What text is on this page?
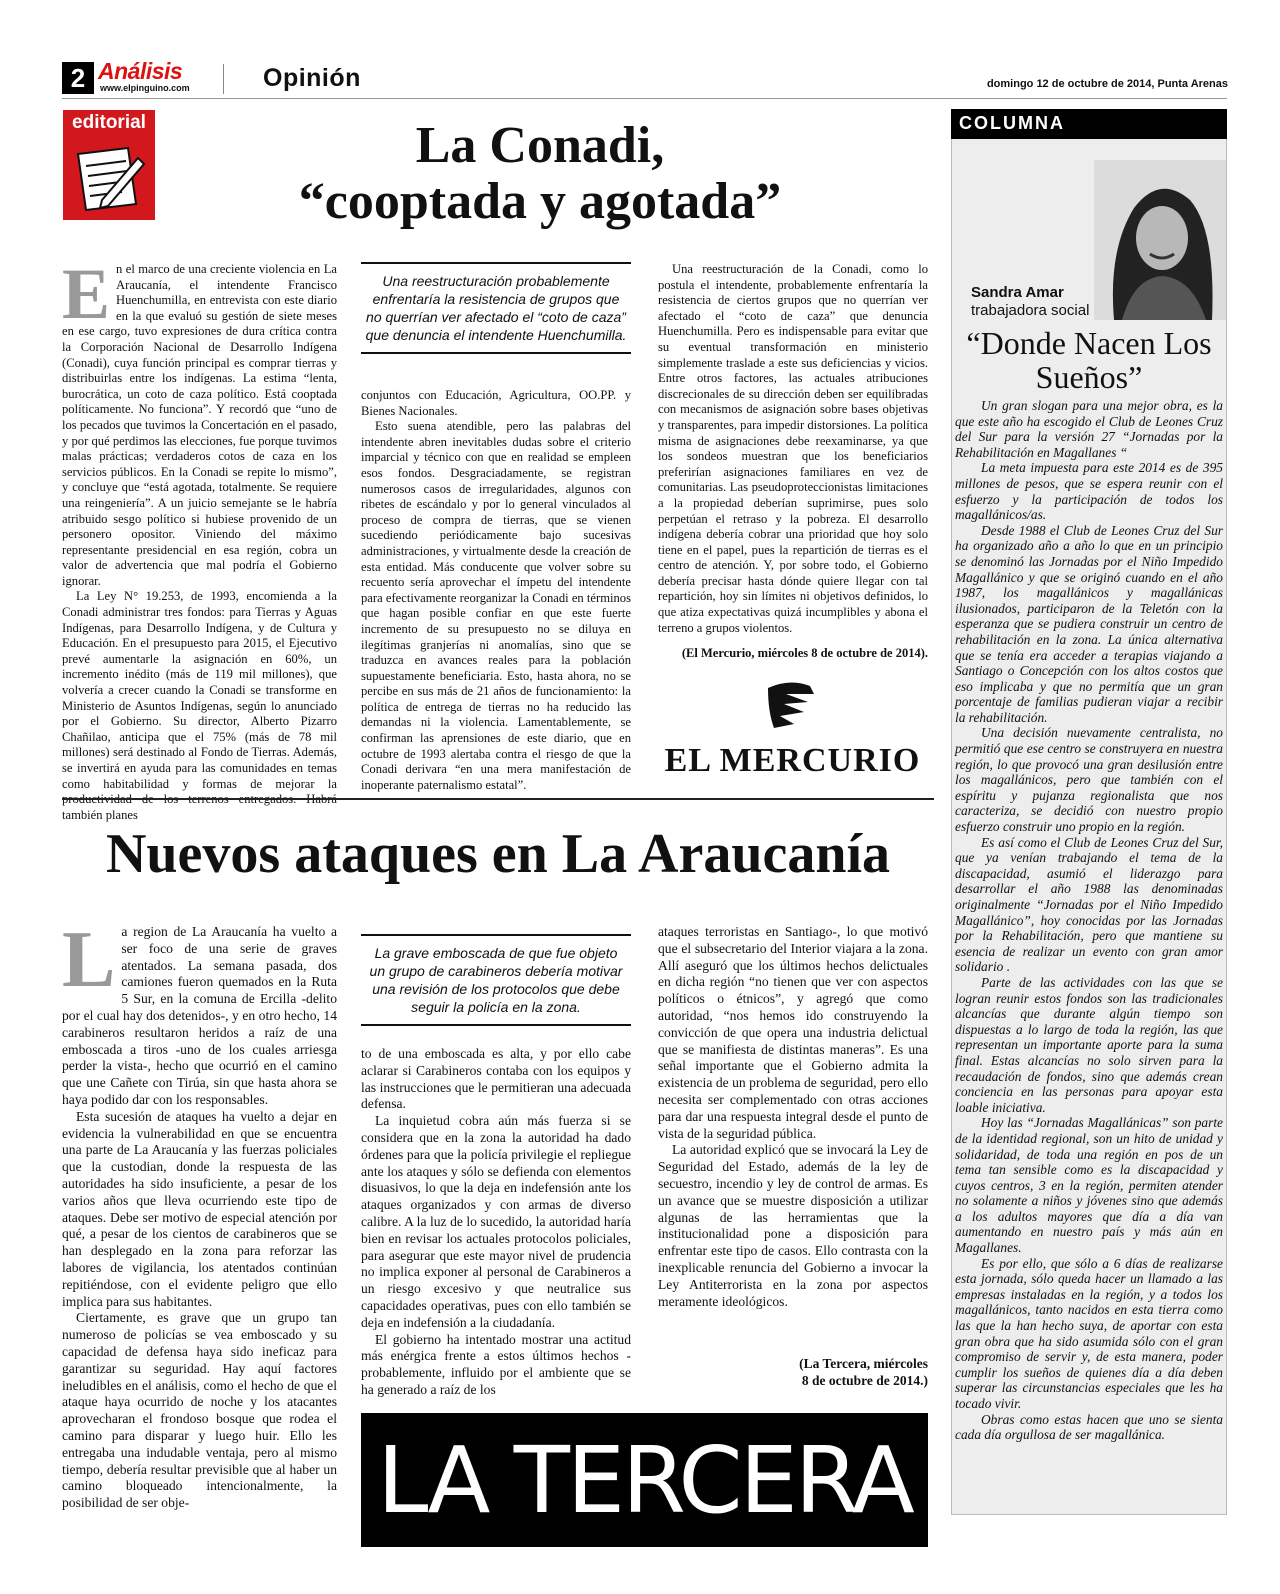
2 Análisis
www.elpinguino.com	Opinión	domingo 12 de octubre de 2014, Punta Arenas
editorial	La Conadi,
“cooptada y agotada”
E n el marco de una creciente violencia en La Araucanía, el intendente Francisco Huenchumilla, en entrevista con este diario en la que evaluó su gestión de siete meses en ese cargo, tuvo expresiones de dura crítica contra la Corporación Nacional de Desarrollo Indígena (Conadi), cuya función principal es comprar tierras y distribuirlas entre los indígenas. La estima “lenta, burocrática, un coto de caza político. Está cooptada políticamente. No funciona”. Y recordó que “uno de los pecados que tuvimos la Concertación en el pasado, y por qué perdimos las elecciones, fue porque tuvimos malas prácticas; verdaderos cotos de caza en los servicios públicos. En la Conadi se repite lo mismo”, y concluye que “está agotada, totalmente. Se requiere una reingeniería”. A un juicio semejante se le habría atribuido sesgo político si hubiese provenido de un personero opositor. Viniendo del máximo representante presidencial en esa región, cobra un valor de advertencia que mal podría el Gobierno ignorar.

La Ley N° 19.253, de 1993, encomienda a la Conadi administrar tres fondos: para Tierras y Aguas Indígenas, para Desarrollo Indígena, y de Cultura y Educación. En el presupuesto para 2015, el Ejecutivo prevé aumentarle la asignación en 60%, un incremento inédito (más de 119 mil millones), que volvería a crecer cuando la Conadi se transforme en Ministerio de Asuntos Indígenas, según lo anunciado por el Gobierno. Su director, Alberto Pizarro Chañilao, anticipa que el 75% (más de 78 mil millones) será destinado al Fondo de Tierras. Además, se invertirá en ayuda para las comunidades en temas como habitabilidad y formas de mejorar la también planes

Una reestructuración probablemente enfrentaría la resistencia de grupos que no querrían ver afectado el “coto de caza” que denuncia el intendente Huenchumilla.

conjuntos con Educación, Agricultura, OO.PP. y Bienes Nacionales.

Esto suena atendible, pero las palabras del intendente abren inevitables dudas sobre el criterio imparcial y técnico con que en realidad se empleen esos fondos. Desgraciadamente, se registran numerosos casos de irregularidades, algunos con ribetes de escándalo y por lo general vinculados al proceso de compra de tierras, que se vienen sucediendo periódicamente bajo sucesivas administraciones, y virtualmente desde la creación de esta entidad. Más conducente que volver sobre su recuento sería aprovechar el ímpetu del intendente para efectivamente reorganizar la Conadi en términos que hagan posible confiar en que este fuerte incremento de su presupuesto no se diluya en ilegítimas granjerías ni anomalías, sino que se traduzca en avances reales para la población supuestamente beneficiaria. Esto, hasta ahora, no se percibe en sus más de 21 años de funcionamiento: la política de entrega de tierras no ha reducido las demandas ni la violencia. Lamentablemente, se confirman las aprensiones de este diario, que en octubre de 1993 alertaba contra el riesgo de que la Conadi derivara “en una mera manifestación de inoperante paternalismo estatal”.

Una reestructuración de la Conadi, como lo postula el intendente, probablemente enfrentaría la resistencia de ciertos grupos que no querrían ver afectado el “coto de caza” que denuncia Huenchumilla. Pero es indispensable para evitar que su eventual transformación en ministerio simplemente traslade a este sus deficiencias y vicios. Entre otros factores, las actuales atribuciones discrecionales de su dirección deben ser equilibradas con mecanismos de asignación sobre bases objetivas y transparentes, para impedir distorsiones. La política misma de asignaciones debe reexaminarse, ya que los sondeos muestran que los beneficiarios preferirían asignaciones familiares en vez de comunitarias. Las pseudoproteccionistas limitaciones a la propiedad deberían suprimirse, pues solo perpetúan el retraso y la pobreza. El desarrollo indígena debería cobrar una prioridad que hoy solo tiene en el papel, pues la repartición de tierras es el centro de atención. Y, por sobre todo, el Gobierno debería precisar hasta dónde quiere llegar con tal repartición, hoy sin límites ni objetivos definidos, lo que atiza expectativas quizá incumplibles y abona el terreno a grupos violentos.

(El Mercurio, miércoles 8 de octubre de 2014).
EL MERCURIO
Nuevos ataques en La Araucanía
L a region de La Araucanía ha vuelto a ser foco de una serie de graves atentados. La semana pasada, dos camiones fueron quemados en la Ruta 5 Sur, en la comuna de Ercilla -delito por el cual hay dos detenidos-, y en otro hecho, 14 carabineros resultaron heridos a raíz de una emboscada a tiros -uno de los cuales arriesga perder la vista-, hecho que ocurrió en el camino que une Cañete con Tirúa, sin que hasta ahora se haya podido dar con los responsables.

Esta sucesión de ataques ha vuelto a dejar en evidencia la vulnerabilidad en que se encuentra una parte de La Araucanía y las fuerzas policiales que la custodian, donde la respuesta de las autoridades ha sido insuficiente, a pesar de los varios años que lleva ocurriendo este tipo de ataques. Debe ser motivo de especial atención por qué, a pesar de los cientos de carabineros que se han desplegado en la zona para reforzar las labores de vigilancia, los atentados continúan repitiéndose, con el evidente peligro que ello implica para sus habitantes.

Ciertamente, es grave que un grupo tan numeroso de policías se vea emboscado y su capacidad de defensa haya sido ineficaz para garantizar su seguridad. Hay aquí factores ineludibles en el análisis, como el hecho de que el ataque haya ocurrido de noche y los atacantes aprovecharan el frondoso bosque que rodea el camino para disparar y luego huir. Ello les entregaba una indudable ventaja, pero al mismo tiempo, debería resultar previsible que al haber un camino bloqueado intencionalmente, la posibilidad de ser obje-

La grave emboscada de que fue objeto un grupo de carabineros debería motivar una revisión de los protocolos que debe seguir la policía en la zona.

to de una emboscada es alta, y por ello cabe aclarar si Carabineros contaba con los equipos y las instrucciones que le permitieran una adecuada defensa.

La inquietud cobra aún más fuerza si se considera que en la zona la autoridad ha dado órdenes para que la policía privilegie el repliegue ante los ataques y sólo se defienda con elementos disuasivos, lo que la deja en indefensión ante los ataques organizados y con armas de diverso calibre. A la luz de lo sucedido, la autoridad haría bien en revisar los actuales protocolos policiales, para asegurar que este mayor nivel de prudencia no implica exponer al personal de Carabineros a un riesgo excesivo y que neutralice sus capacidades operativas, pues con ello también se deja en indefensión a la ciudadanía.

El gobierno ha intentado mostrar una actitud más enérgica frente a estos últimos hechos -probablemente, influido por el ambiente que se ha generado a raíz de los

ataques terroristas en Santiago-, lo que motivó que el subsecretario del Interior viajara a la zona. Allí aseguró que los últimos hechos delictuales en dicha región “no tienen que ver con aspectos políticos o étnicos”, y agregó que como autoridad, “nos hemos ido construyendo la convicción de que opera una industria delictual que se manifiesta de distintas maneras”. Es una señal importante que el Gobierno admita la existencia de un problema de seguridad, pero ello necesita ser complementado con otras acciones para dar una respuesta integral desde el punto de vista de la seguridad pública.

La autoridad explicó que se invocará la Ley de Seguridad del Estado, además de la ley de secuestro, incendio y ley de control de armas. Es un avance que se muestre disposición a utilizar algunas de las herramientas que la institucionalidad pone a disposición para enfrentar este tipo de casos. Ello contrasta con la inexplicable renuncia del Gobierno a invocar la Ley Antiterrorista en la zona por aspectos meramente ideológicos.

(La Tercera, miércoles
8 de octubre de 2014.)
LA TERCERA
COLUMNA
Sandra Amar
trabajadora social
“Donde Nacen Los Sueños”

Un gran slogan para una mejor obra, es la que este año ha escogido el Club de Leones Cruz del Sur para la versión 27 “Jornadas por la Rehabilitación en Magallanes “

La meta impuesta para este 2014 es de 395 millones de pesos, que se espera reunir con el esfuerzo y la participación de todos los magallánicos/as.

Desde 1988 el Club de Leones Cruz del Sur ha organizado año a año lo que en un principio se denominó las Jornadas por el Niño Impedido Magallánico y que se originó cuando en el año 1987, los magallánicos y magallánicas ilusionados, participaron de la Teletón con la esperanza que se pudiera construir un centro de rehabilitación en la zona. La única alternativa que se tenía era acceder a terapias viajando a Santiago o Concepción con los altos costos que eso implicaba y que no permitía que un gran porcentaje de familias pudieran viajar a recibir la rehabilitación.

Una decisión nuevamente centralista, no permitió que ese centro se construyera en nuestra región, lo que provocó una gran desilusión entre los magallánicos, pero que también con el espíritu y pujanza regionalista que nos caracteriza, se decidió con nuestro propio esfuerzo construir uno propio en la región.

Es así como el Club de Leones Cruz del Sur, que ya venían trabajando el tema de la discapacidad, asumió el liderazgo para desarrollar el año 1988 las denominadas originalmente “Jornadas por el Niño Impedido Magallánico”, hoy conocidas por las Jornadas por la Rehabilitación, pero que mantiene su esencia de realizar un evento con gran amor solidario .

Parte de las actividades con las que se logran reunir estos fondos son las tradicionales alcancías que durante algún tiempo son dispuestas a lo largo de toda la región, las que representan un importante aporte para la suma final. Estas alcancías no solo sirven para la recaudación de fondos, sino que además crean conciencia en las personas para apoyar esta loable iniciativa.

Hoy las “Jornadas Magallánicas” son parte de la identidad regional, son un hito de unidad y solidaridad, de toda una región en pos de un tema tan sensible como es la discapacidad y cuyos centros, 3 en la región, permiten atender no solamente a niños y jóvenes sino que además a los adultos mayores que día a día van aumentando en nuestro país y más aún en Magallanes.

Es por ello, que sólo a 6 días de realizarse esta jornada, sólo queda hacer un llamado a las empresas instaladas en la región, y a todos los magallánicos, tanto nacidos en esta tierra como las que la han hecho suya, de aportar con esta gran obra que ha sido asumida sólo con el gran compromiso de servir y, de esta manera, poder cumplir los sueños de quienes día a día deben superar las circunstancias especiales que les ha tocado vivir.

Obras como estas hacen que uno se sienta cada día orgullosa de ser magallánica.
